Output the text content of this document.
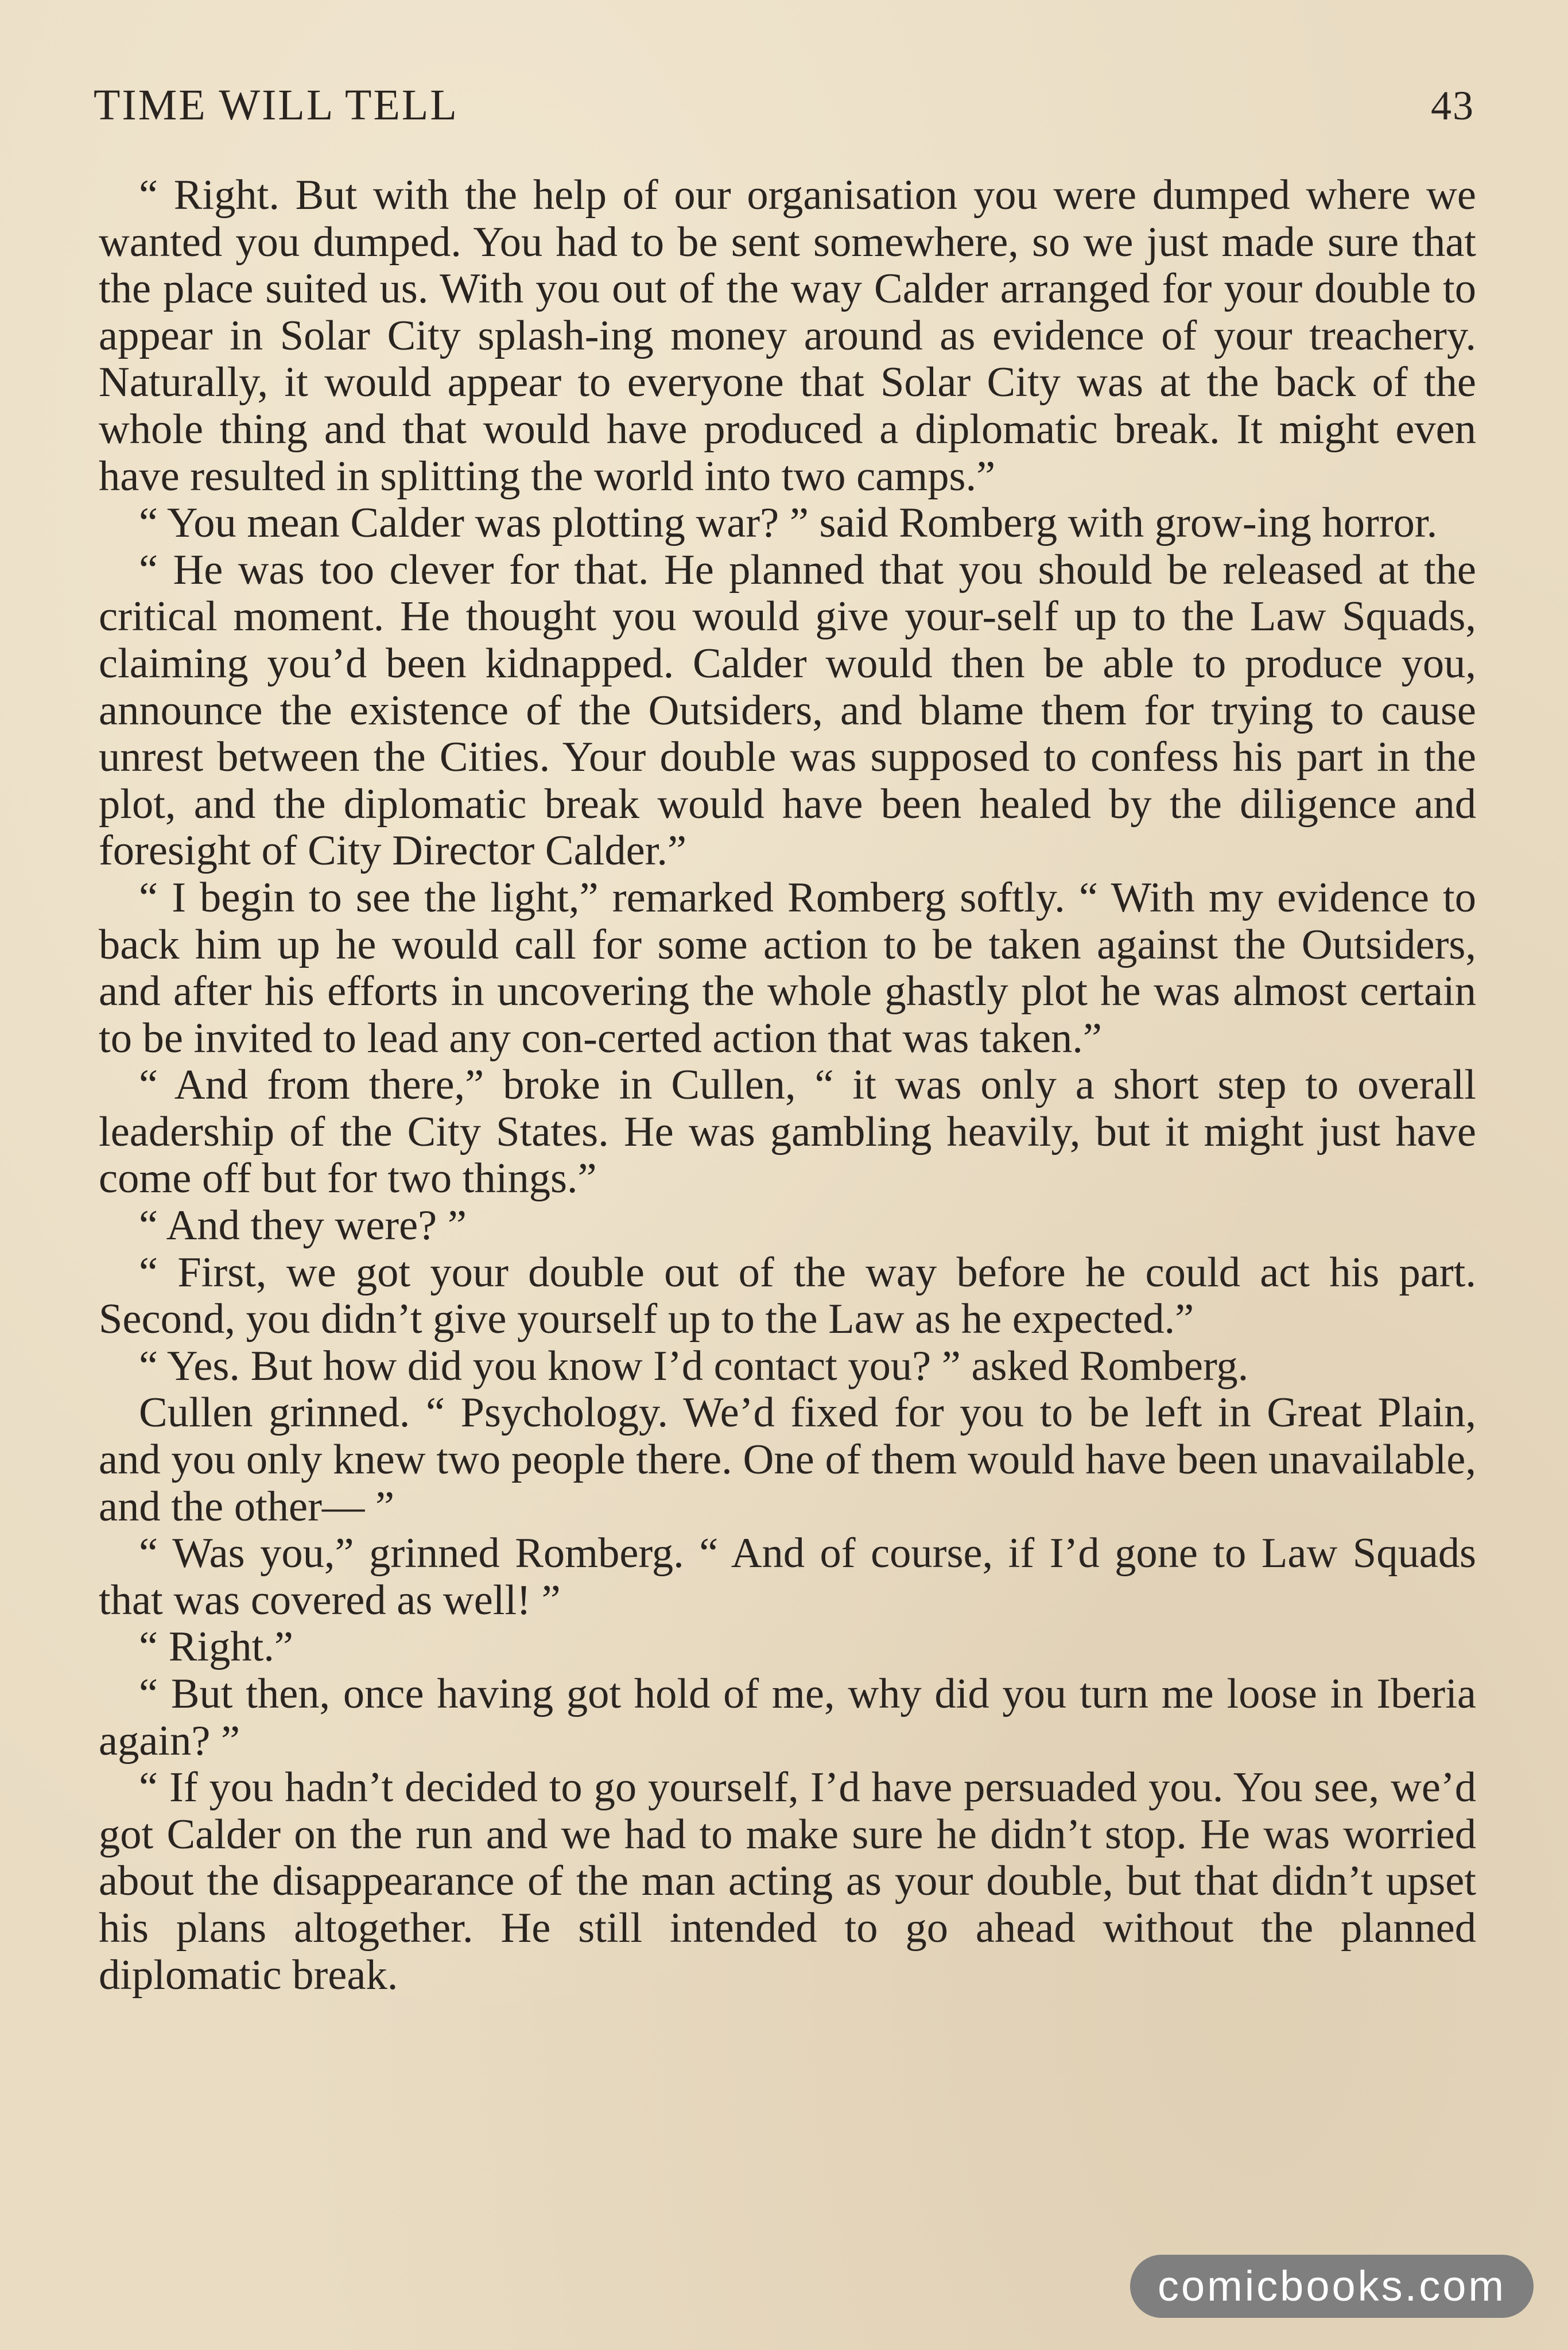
TIME WILL TELL	43

“ Right. But with the help of our organisation you were dumped where we wanted you dumped. You had to be sent somewhere, so we just made sure that the place suited us. With you out of the way Calder arranged for your double to appear in Solar City splash-ing money around as evidence of your treachery. Naturally, it would appear to everyone that Solar City was at the back of the whole thing and that would have produced a diplomatic break. It might even have resulted in splitting the world into two camps.”

“ You mean Calder was plotting war? ” said Romberg with grow-ing horror.

“ He was too clever for that. He planned that you should be released at the critical moment. He thought you would give your-self up to the Law Squads, claiming you’d been kidnapped. Calder would then be able to produce you, announce the existence of the Outsiders, and blame them for trying to cause unrest between the Cities. Your double was supposed to confess his part in the plot, and the diplomatic break would have been healed by the diligence and foresight of City Director Calder.”

“ I begin to see the light,” remarked Romberg softly. “ With my evidence to back him up he would call for some action to be taken against the Outsiders, and after his efforts in uncovering the whole ghastly plot he was almost certain to be invited to lead any con-certed action that was taken.”

“ And from there,” broke in Cullen, “ it was only a short step to overall leadership of the City States. He was gambling heavily, but it might just have come off but for two things.”

“ And they were? ”

“ First, we got your double out of the way before he could act his part. Second, you didn’t give yourself up to the Law as he expected.”

“ Yes. But how did you know I’d contact you? ” asked Romberg.

Cullen grinned. “ Psychology. We’d fixed for you to be left in Great Plain, and you only knew two people there. One of them would have been unavailable, and the other— ”

“ Was you,” grinned Romberg. “ And of course, if I’d gone to Law Squads that was covered as well! ”

“ Right.”

“ But then, once having got hold of me, why did you turn me loose in Iberia again? ”

“ If you hadn’t decided to go yourself, I’d have persuaded you. You see, we’d got Calder on the run and we had to make sure he didn’t stop. He was worried about the disappearance of the man acting as your double, but that didn’t upset his plans altogether. He still intended to go ahead without the planned diplomatic break.

comicbooks.com
